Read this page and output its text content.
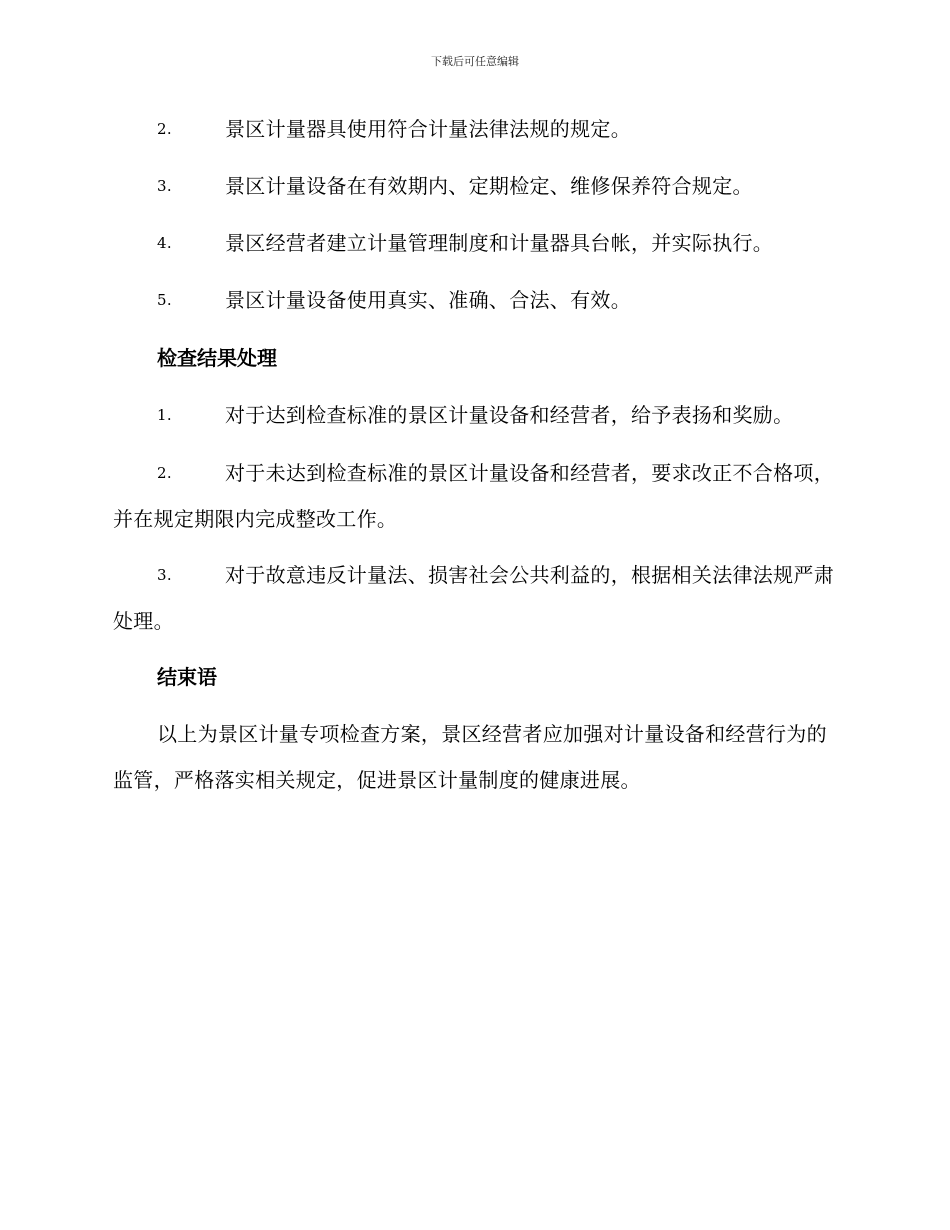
下载后可任意编辑
2.	景区计量器具使用符合计量法律法规的规定。
3.	景区计量设备在有效期内、定期检定、维修保养符合规定。
4.	景区经营者建立计量管理制度和计量器具台帐，并实际执行。
5.	景区计量设备使用真实、准确、合法、有效。
检查结果处理
1.	对于达到检查标准的景区计量设备和经营者，给予表扬和奖励。
2.	对于未达到检查标准的景区计量设备和经营者，要求改正不合格项，并在规定期限内完成整改工作。
3.	对于故意违反计量法、损害社会公共利益的，根据相关法律法规严肃处理。
结束语
以上为景区计量专项检查方案，景区经营者应加强对计量设备和经营行为的监管，严格落实相关规定，促进景区计量制度的健康进展。
